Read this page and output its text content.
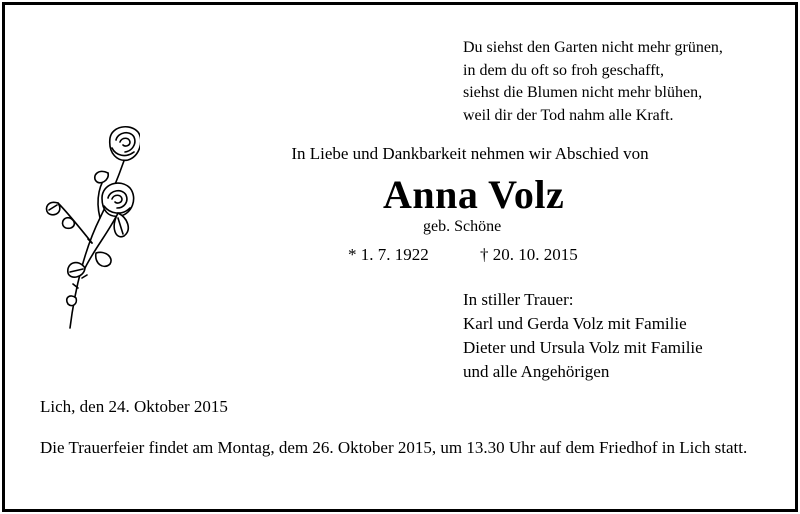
Du siehst den Garten nicht mehr grünen,
in dem du oft so froh geschafft,
siehst die Blumen nicht mehr blühen,
weil dir der Tod nahm alle Kraft.
In Liebe und Dankbarkeit nehmen wir Abschied von
Anna Volz
geb. Schöne
* 1. 7. 1922	† 20. 10. 2015
In stiller Trauer:
Karl und Gerda Volz mit Familie
Dieter und Ursula Volz mit Familie
und alle Angehörigen
Lich, den 24. Oktober 2015
Die Trauerfeier findet am Montag, dem 26. Oktober 2015, um 13.30 Uhr auf dem Friedhof in Lich statt.
